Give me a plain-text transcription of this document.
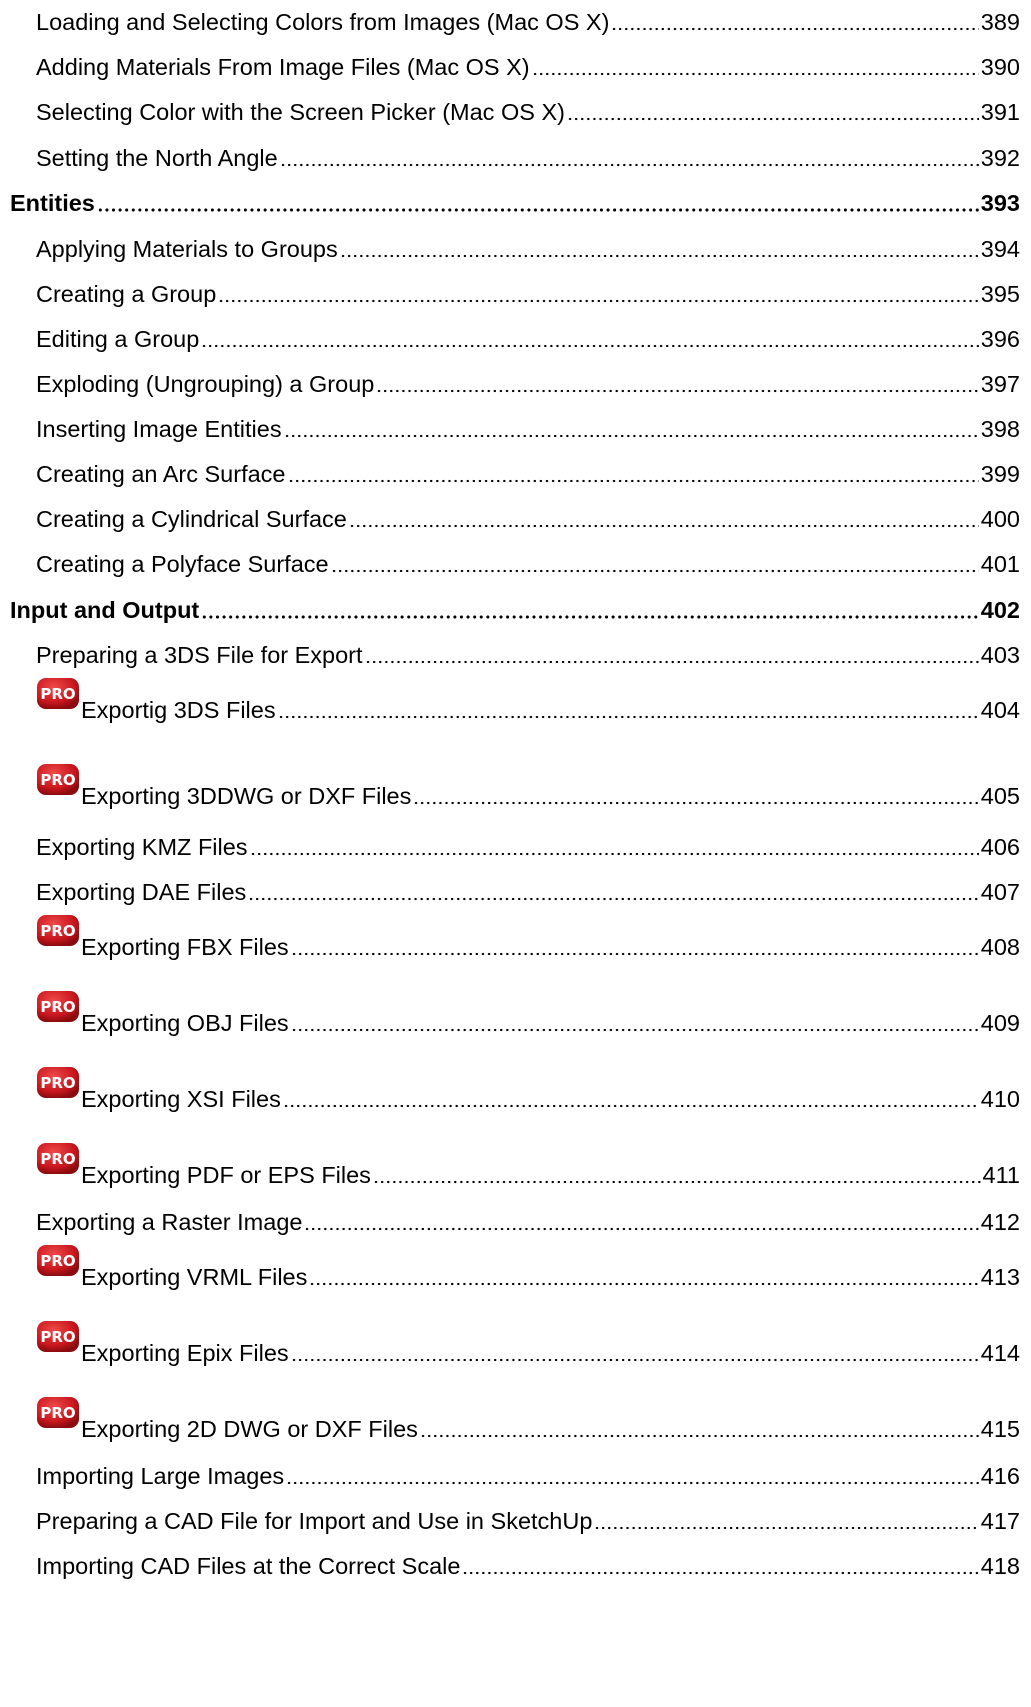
Loading and Selecting Colors from Images (Mac OS X)	389
Adding Materials From Image Files (Mac OS X)	390
Selecting Color with the Screen Picker (Mac OS X)	391
Setting the North Angle	392
Entities	393
Applying Materials to Groups	394
Creating a Group	395
Editing a Group	396
Exploding (Ungrouping) a Group	397
Inserting Image Entities	398
Creating an Arc Surface	399
Creating a Cylindrical Surface	400
Creating a Polyface Surface	401
Input and Output	402
Preparing a 3DS File for Export	403
PRO
Exportig 3DS Files	404
PRO
Exporting 3DDWG or DXF Files	405
Exporting KMZ Files	406
Exporting DAE Files	407
PRO
Exporting FBX Files	408
PRO
Exporting OBJ Files	409
PRO
Exporting XSI Files	410
PRO
Exporting PDF or EPS Files	411
Exporting a Raster Image	412
PRO
Exporting VRML Files	413
PRO
Exporting Epix Files	414
PRO
Exporting 2D DWG or DXF Files	415
Importing Large Images	416
Preparing a CAD File for Import and Use in SketchUp	417
Importing CAD Files at the Correct Scale	418
